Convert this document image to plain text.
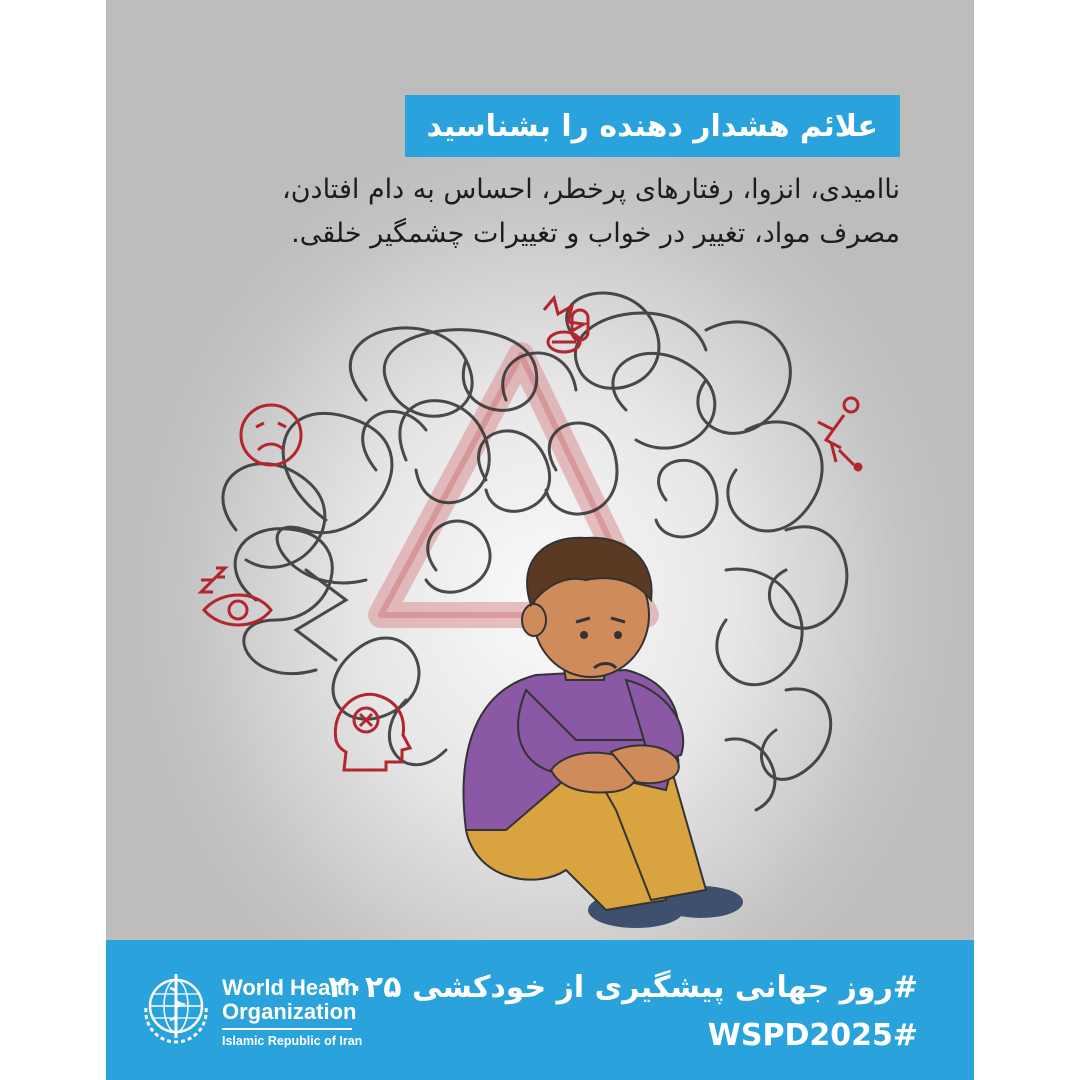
علائم هشدار دهنده را بشناسید
ناامیدی، انزوا، رفتارهای پرخطر، احساس به دام افتادن،
مصرف مواد، تغییر در خواب و تغییرات چشمگیر خلقی.
World Health
Organization
Islamic Republic of Iran
#روز جهانی پیشگیری از خودکشی ۲۰۲۵
WSPD2025#
